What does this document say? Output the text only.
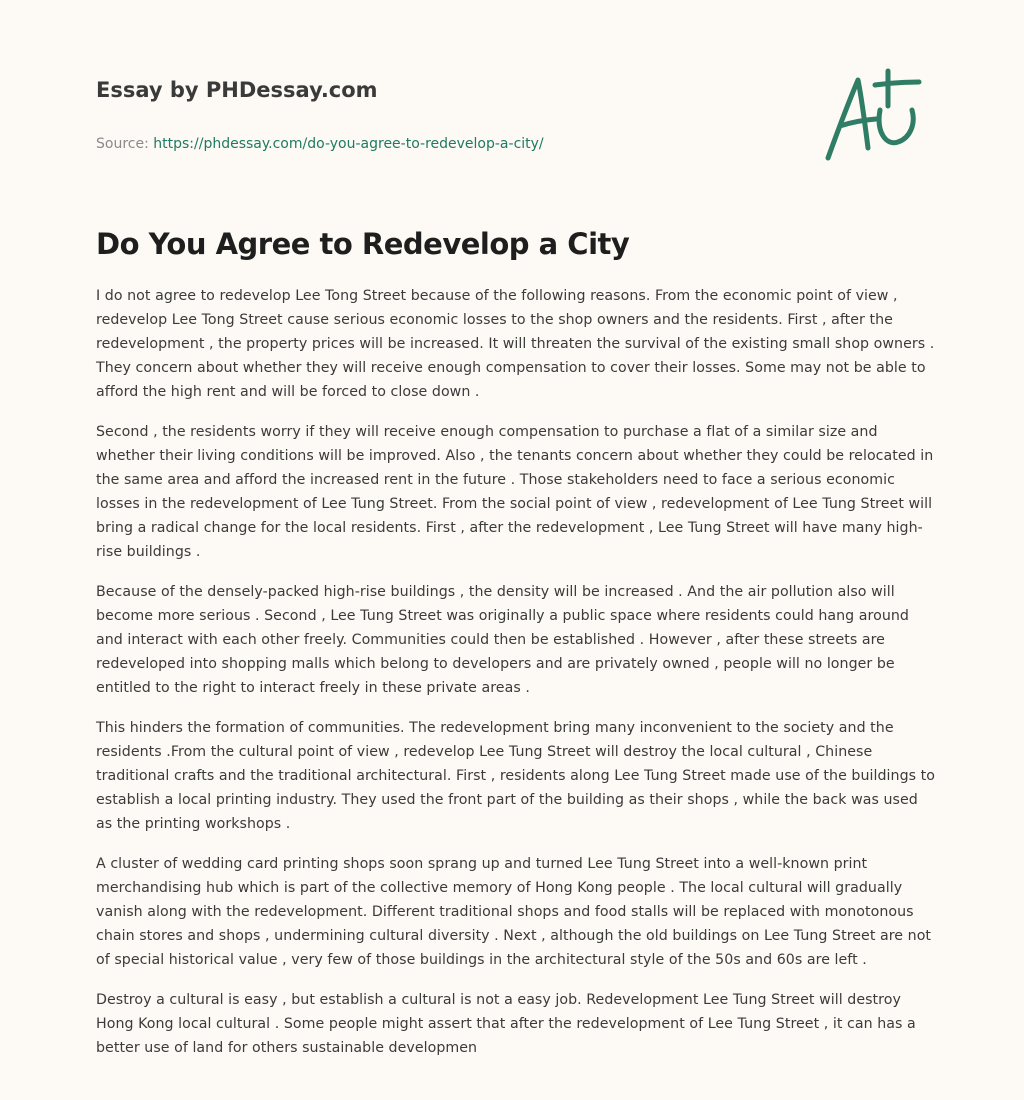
Essay by PHDessay.com
Source: https://phdessay.com/do-you-agree-to-redevelop-a-city/
Do You Agree to Redevelop a City

I do not agree to redevelop Lee Tong Street because of the following reasons. From the economic point of view , redevelop Lee Tong Street cause serious economic losses to the shop owners and the residents. First , after the redevelopment , the property prices will be increased. It will threaten the survival of the existing small shop owners . They concern about whether they will receive enough compensation to cover their losses. Some may not be able to afford the high rent and will be forced to close down .

Second , the residents worry if they will receive enough compensation to purchase a flat of a similar size and whether their living conditions will be improved. Also , the tenants concern about whether they could be relocated in the same area and afford the increased rent in the future . Those stakeholders need to face a serious economic losses in the redevelopment of Lee Tung Street. From the social point of view , redevelopment of Lee Tung Street will bring a radical change for the local residents. First , after the redevelopment , Lee Tung Street will have many high-rise buildings .

Because of the densely-packed high-rise buildings , the density will be increased . And the air pollution also will become more serious . Second , Lee Tung Street was originally a public space where residents could hang around and interact with each other freely. Communities could then be established . However , after these streets are redeveloped into shopping malls which belong to developers and are privately owned , people will no longer be entitled to the right to interact freely in these private areas .

This hinders the formation of communities. The redevelopment bring many inconvenient to the society and the residents .From the cultural point of view , redevelop Lee Tung Street will destroy the local cultural , Chinese traditional crafts and the traditional architectural. First , residents along Lee Tung Street made use of the buildings to establish a local printing industry. They used the front part of the building as their shops , while the back was used as the printing workshops .

A cluster of wedding card printing shops soon sprang up and turned Lee Tung Street into a well-known print merchandising hub which is part of the collective memory of Hong Kong people . The local cultural will gradually vanish along with the redevelopment. Different traditional shops and food stalls will be replaced with monotonous chain stores and shops , undermining cultural diversity . Next , although the old buildings on Lee Tung Street are not of special historical value , very few of those buildings in the architectural style of the 50s and 60s are left .

Destroy a cultural is easy , but establish a cultural is not a easy job. Redevelopment Lee Tung Street will destroy Hong Kong local cultural . Some people might assert that after the redevelopment of Lee Tung Street , it can has a better use of land for others sustainable developmen
